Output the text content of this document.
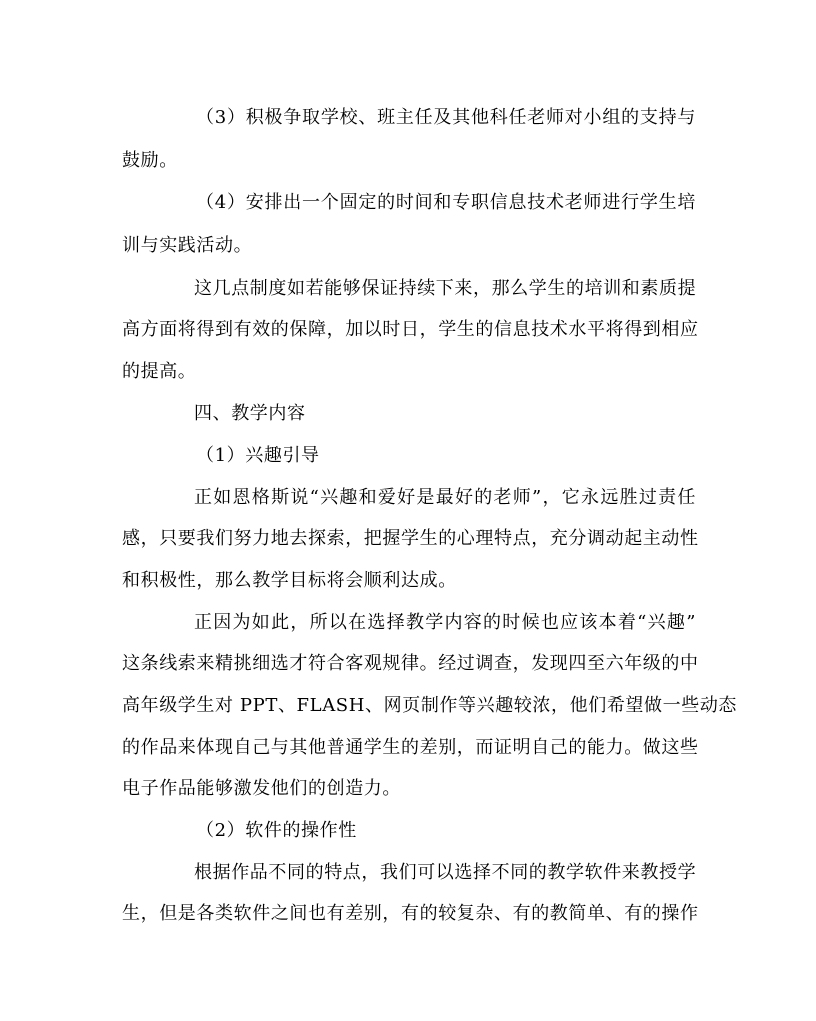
（3）积极争取学校、班主任及其他科任老师对小组的支持与
鼓励。
（4）安排出一个固定的时间和专职信息技术老师进行学生培
训与实践活动。
这几点制度如若能够保证持续下来，那么学生的培训和素质提
高方面将得到有效的保障，加以时日，学生的信息技术水平将得到相应
的提高。
四、教学内容
（1）兴趣引导
正如恩格斯说“兴趣和爱好是最好的老师”，它永远胜过责任
感，只要我们努力地去探索，把握学生的心理特点，充分调动起主动性
和积极性，那么教学目标将会顺利达成。
正因为如此，所以在选择教学内容的时候也应该本着“兴趣”
这条线索来精挑细选才符合客观规律。经过调查，发现四至六年级的中
高年级学生对 PPT、FLASH、网页制作等兴趣较浓，他们希望做一些动态
的作品来体现自己与其他普通学生的差别，而证明自己的能力。做这些
电子作品能够激发他们的创造力。
（2）软件的操作性
根据作品不同的特点，我们可以选择不同的教学软件来教授学
生，但是各类软件之间也有差别，有的较复杂、有的教简单、有的操作
